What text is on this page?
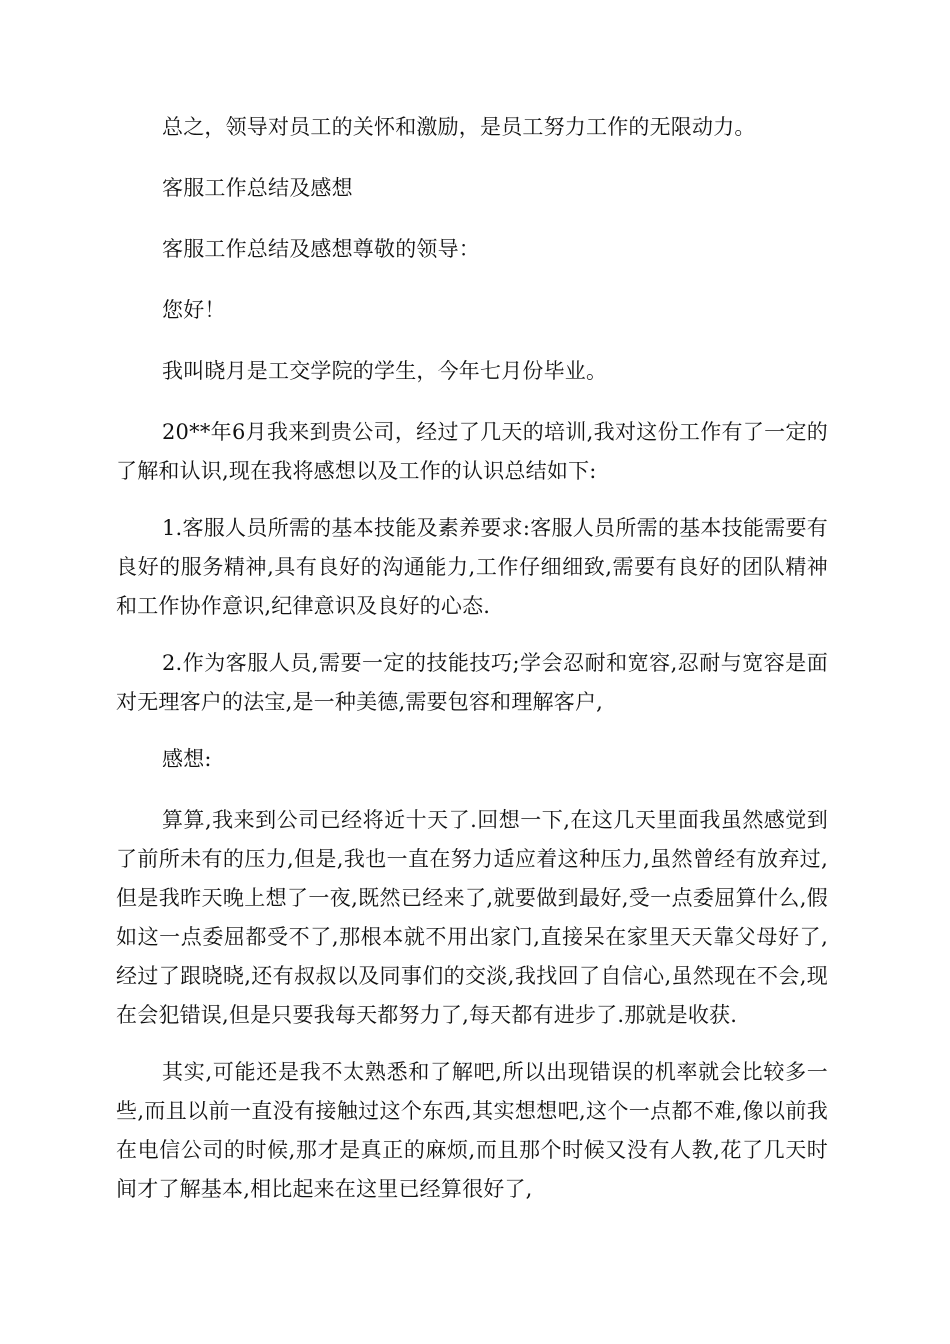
总之，领导对员工的关怀和激励，是员工努力工作的无限动力。

客服工作总结及感想

客服工作总结及感想尊敬的领导：

您好！

我叫晓月是工交学院的学生，今年七月份毕业。

20**年6月我来到贵公司，经过了几天的培训,我对这份工作有了一定的了解和认识,现在我将感想以及工作的认识总结如下:

1.客服人员所需的基本技能及素养要求:客服人员所需的基本技能需要有良好的服务精神,具有良好的沟通能力,工作仔细细致,需要有良好的团队精神和工作协作意识,纪律意识及良好的心态.

2.作为客服人员,需要一定的技能技巧;学会忍耐和宽容,忍耐与宽容是面对无理客户的法宝,是一种美德,需要包容和理解客户,

感想:

算算,我来到公司已经将近十天了.回想一下,在这几天里面我虽然感觉到了前所未有的压力,但是,我也一直在努力适应着这种压力,虽然曾经有放弃过,但是我昨天晚上想了一夜,既然已经来了,就要做到最好,受一点委屈算什么,假如这一点委屈都受不了,那根本就不用出家门,直接呆在家里天天靠父母好了,经过了跟晓晓,还有叔叔以及同事们的交淡,我找回了自信心,虽然现在不会,现在会犯错误,但是只要我每天都努力了,每天都有进步了.那就是收获.

其实,可能还是我不太熟悉和了解吧,所以出现错误的机率就会比较多一些,而且以前一直没有接触过这个东西,其实想想吧,这个一点都不难,像以前我在电信公司的时候,那才是真正的麻烦,而且那个时候又没有人教,花了几天时间才了解基本,相比起来在这里已经算很好了,
